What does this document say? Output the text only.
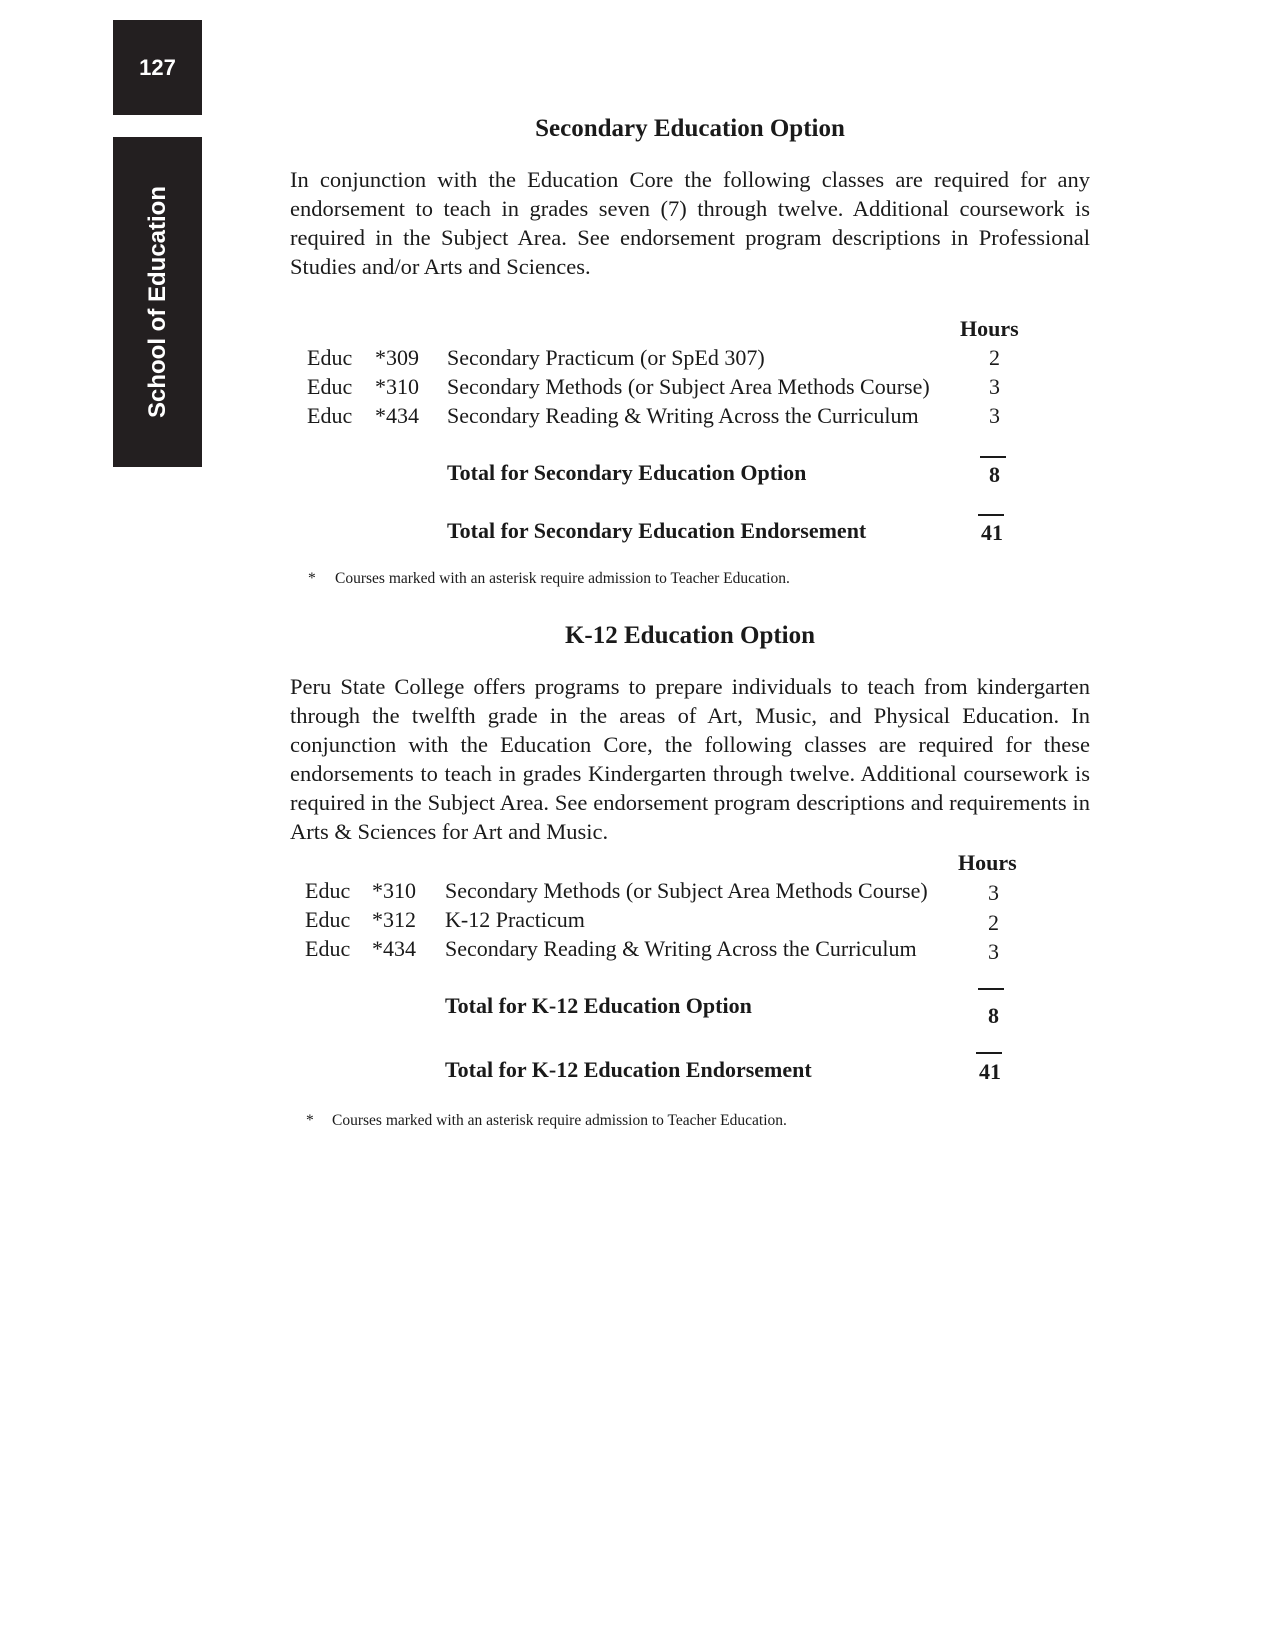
127
School of Education
Secondary Education Option
In conjunction with the Education Core the following classes are required for any endorsement to teach in grades seven (7) through twelve. Additional coursework is required in the Subject Area. See endorsement program descriptions in Professional Studies and/or Arts and Sciences.
Hours
Educ *309 Secondary Practicum (or SpEd 307)	2
Educ *310 Secondary Methods (or Subject Area Methods Course)	3
Educ *434 Secondary Reading & Writing Across the Curriculum	3
Total for Secondary Education Option	8
Total for Secondary Education Endorsement	41
* Courses marked with an asterisk require admission to Teacher Education.
K-12 Education Option
Peru State College offers programs to prepare individuals to teach from kindergarten through the twelfth grade in the areas of Art, Music, and Physical Education. In conjunction with the Education Core, the following classes are required for these endorsements to teach in grades Kindergarten through twelve. Additional coursework is required in the Subject Area. See endorsement program descriptions and requirements in Arts & Sciences for Art and Music.
Hours
Educ *310 Secondary Methods (or Subject Area Methods Course)	3
Educ *312 K-12 Practicum	2
Educ *434 Secondary Reading & Writing Across the Curriculum	3
Total for K-12 Education Option	8
Total for K-12 Education Endorsement	41
* Courses marked with an asterisk require admission to Teacher Education.
